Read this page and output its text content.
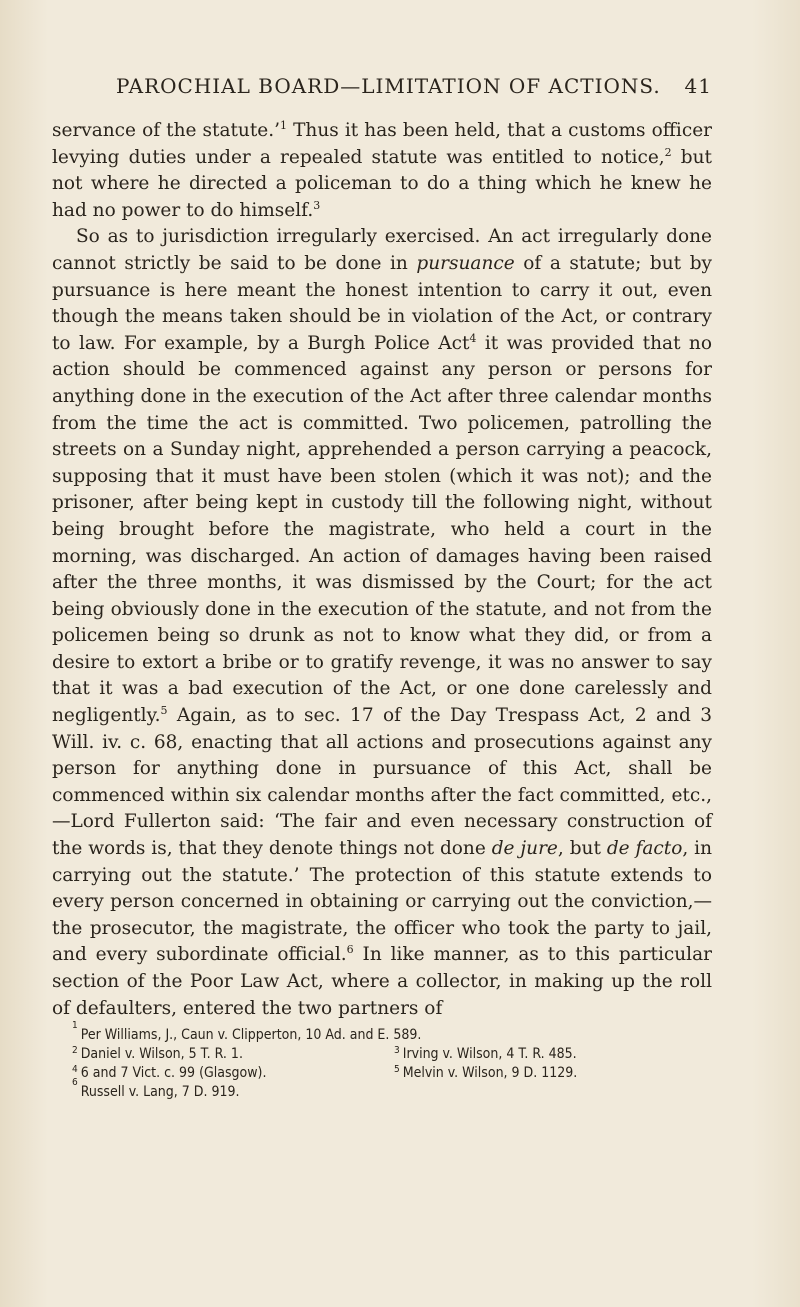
PAROCHIAL BOARD—LIMITATION OF ACTIONS. 41

servance of the statute.’$^1$ Thus it has been held, that a customs officer levying duties under a repealed statute was entitled to notice,$^2$ but not where he directed a policeman to do a thing which he knew he had no power to do himself.$^3$

So as to jurisdiction irregularly exercised. An act irregularly done cannot strictly be said to be done in pursuance of a statute; but by pursuance is here meant the honest intention to carry it out, even though the means taken should be in violation of the Act, or contrary to law. For example, by a Burgh Police Act$^4$ it was provided that no action should be commenced against any person or persons for anything done in the execution of the Act after three calendar months from the time the act is committed. Two policemen, patrolling the streets on a Sunday night, apprehended a person carrying a peacock, supposing that it must have been stolen (which it was not); and the prisoner, after being kept in custody till the following night, without being brought before the magistrate, who held a court in the morning, was discharged. An action of damages having been raised after the three months, it was dismissed by the Court; for the act being obviously done in the execution of the statute, and not from the policemen being so drunk as not to know what they did, or from a desire to extort a bribe or to gratify revenge, it was no answer to say that it was a bad execution of the Act, or one done carelessly and negligently.$^5$ Again, as to sec. 17 of the Day Trespass Act, 2 and 3 Will. iv. c. 68, enacting that all actions and prosecutions against any person for anything done in pursuance of this Act, shall be commenced within six calendar months after the fact committed, etc.,—Lord Fullerton said: ‘The fair and even necessary construction of the words is, that they denote things not done de jure, but de facto, in carrying out the statute.’ The protection of this statute extends to every person concerned in obtaining or carrying out the conviction,—the prosecutor, the magistrate, the officer who took the party to jail, and every subordinate official.$^6$ In like manner, as to this particular section of the Poor Law Act, where a collector, in making up the roll of defaulters, entered the two partners of

1
Per Williams, J., Caun v. Clipperton, 10 Ad. and E. 589.
$^2$ Daniel v. Wilson, 5 T. R. 1.	$^3$ Irving v. Wilson, 4 T. R. 485.
$^4$ 6 and 7 Vict. c. 99 (Glasgow).	$^5$ Melvin v. Wilson, 9 D. 1129.
6
Russell v. Lang, 7 D. 919.
